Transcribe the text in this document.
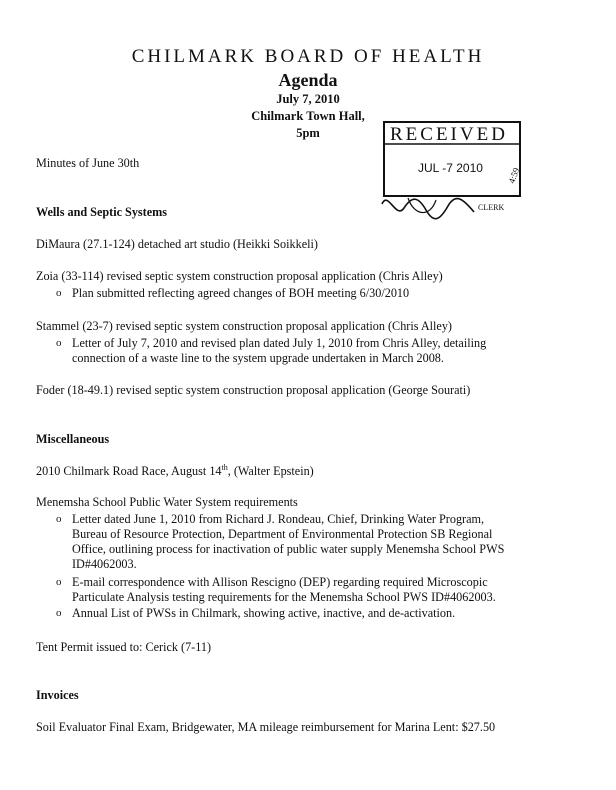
CHILMARK BOARD OF HEALTH
Agenda
July 7, 2010
Chilmark Town Hall,
5pm	RECEIVED
JUL -7 2010	4:59
CLERK
Minutes of June 30th
Wells and Septic Systems
DiMaura (27.1-124) detached art studio (Heikki Soikkeli)
Zoia (33-114) revised septic system construction proposal application (Chris Alley)
o Plan submitted reflecting agreed changes of BOH meeting 6/30/2010
Stammel (23-7) revised septic system construction proposal application (Chris Alley)
o Letter of July 7, 2010 and revised plan dated July 1, 2010 from Chris Alley, detailing
connection of a waste line to the system upgrade undertaken in March 2008.
Foder (18-49.1) revised septic system construction proposal application (George Sourati)
Miscellaneous
2010 Chilmark Road Race, August 14th, (Walter Epstein)
Menemsha School Public Water System requirements
o Letter dated June 1, 2010 from Richard J. Rondeau, Chief, Drinking Water Program,
Bureau of Resource Protection, Department of Environmental Protection SB Regional
Office, outlining process for inactivation of public water supply Menemsha School PWS
ID#4062003.
o E-mail correspondence with Allison Rescigno (DEP) regarding required Microscopic
Particulate Analysis testing requirements for the Menemsha School PWS ID#4062003.
o Annual List of PWSs in Chilmark, showing active, inactive, and de-activation.
Tent Permit issued to: Cerick (7-11)
Invoices
Soil Evaluator Final Exam, Bridgewater, MA mileage reimbursement for Marina Lent: $27.50
